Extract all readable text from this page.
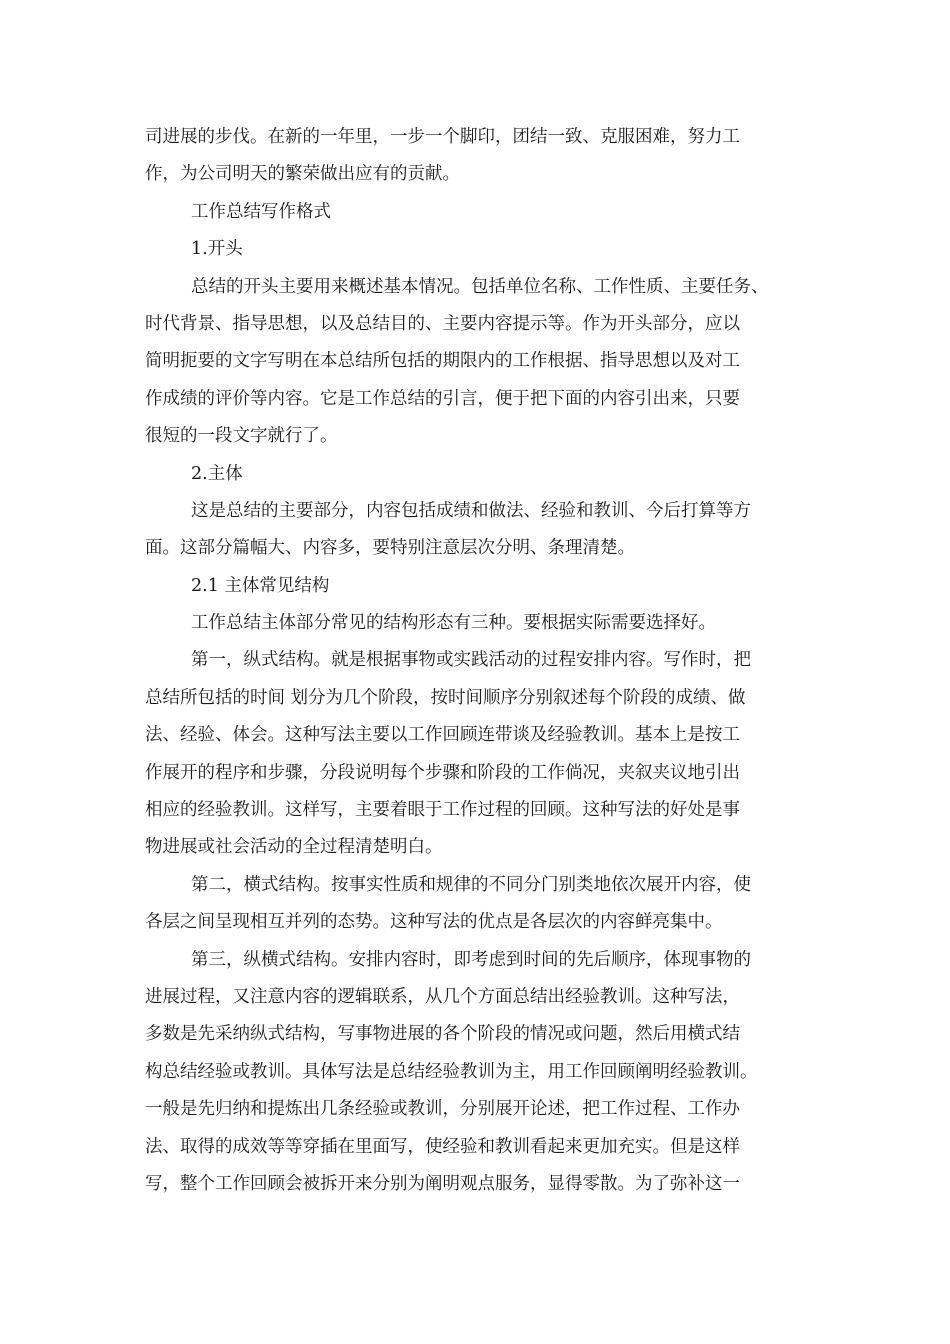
司进展的步伐。在新的一年里，一步一个脚印，团结一致、克服困难，努力工
作，为公司明天的繁荣做出应有的贡献。
工作总结写作格式
1.开头
总结的开头主要用来概述基本情况。包括单位名称、工作性质、主要任务、
时代背景、指导思想，以及总结目的、主要内容提示等。作为开头部分，应以
简明扼要的文字写明在本总结所包括的期限内的工作根据、指导思想以及对工
作成绩的评价等内容。它是工作总结的引言，便于把下面的内容引出来，只要
很短的一段文字就行了。
2.主体
这是总结的主要部分，内容包括成绩和做法、经验和教训、今后打算等方
面。这部分篇幅大、内容多，要特别注意层次分明、条理清楚。
2.1 主体常见结构
工作总结主体部分常见的结构形态有三种。要根据实际需要选择好。
第一，纵式结构。就是根据事物或实践活动的过程安排内容。写作时，把
总结所包括的时间 划分为几个阶段，按时间顺序分别叙述每个阶段的成绩、做
法、经验、体会。这种写法主要以工作回顾连带谈及经验教训。基本上是按工
作展开的程序和步骤，分段说明每个步骤和阶段的工作倘况，夹叙夹议地引出
相应的经验教训。这样写，主要着眼于工作过程的回顾。这种写法的好处是事
物进展或社会活动的全过程清楚明白。
第二，横式结构。按事实性质和规律的不同分门别类地依次展开内容，使
各层之间呈现相互并列的态势。这种写法的优点是各层次的内容鲜亮集中。
第三，纵横式结构。安排内容时，即考虑到时间的先后顺序，体现事物的
进展过程，又注意内容的逻辑联系，从几个方面总结出经验教训。这种写法，
多数是先采纳纵式结构，写事物进展的各个阶段的情况或问题，然后用横式结
构总结经验或教训。具体写法是总结经验教训为主，用工作回顾阐明经验教训。
一般是先归纳和提炼出几条经验或教训，分别展开论述，把工作过程、工作办
法、取得的成效等等穿插在里面写，使经验和教训看起来更加充实。但是这样
写，整个工作回顾会被拆开来分别为阐明观点服务，显得零散。为了弥补这一
